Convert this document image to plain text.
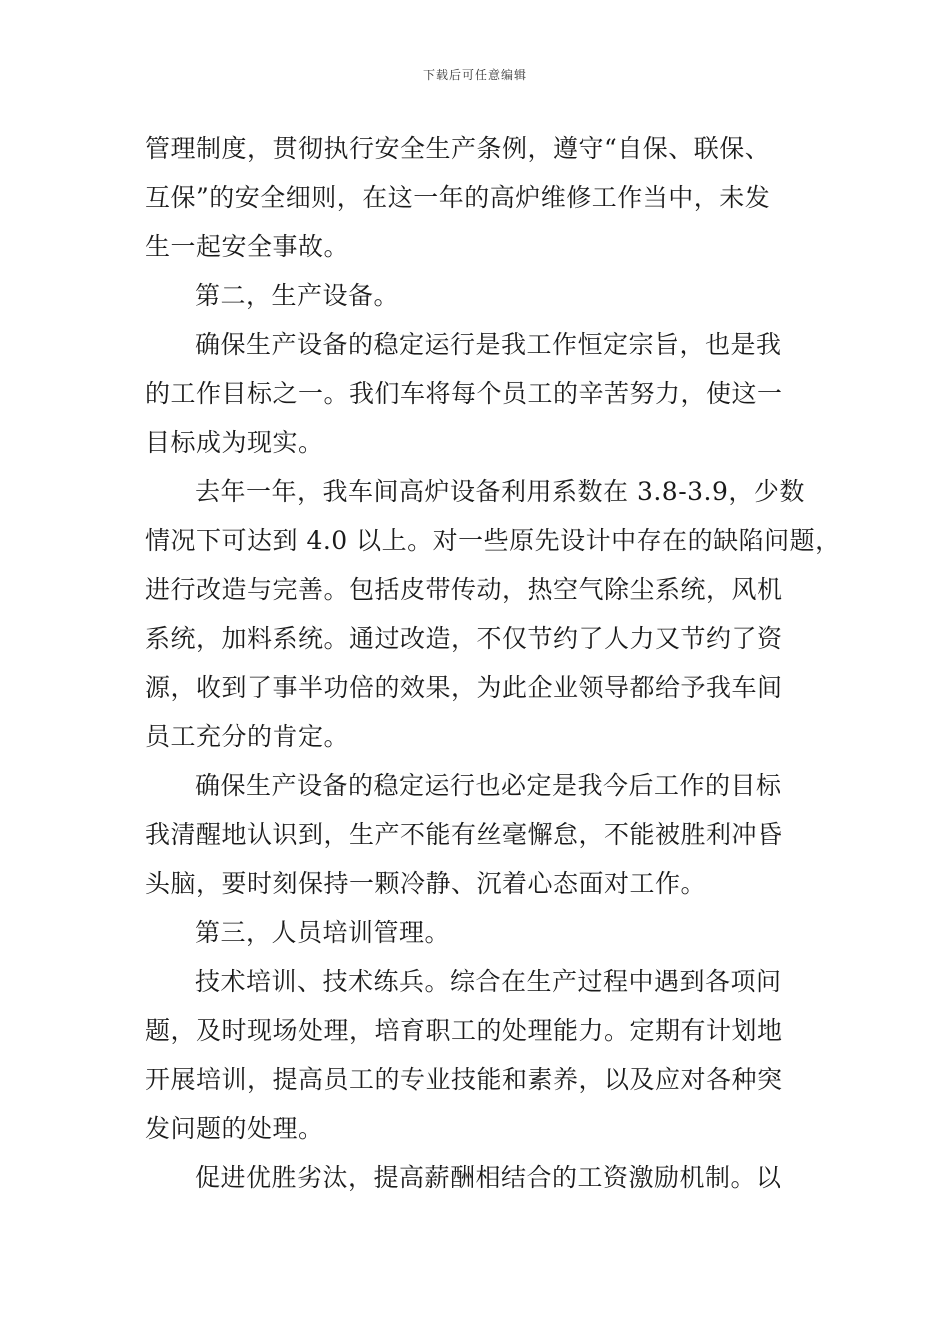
下载后可任意编辑
管理制度，贯彻执行安全生产条例，遵守“自保、联保、
互保”的安全细则，在这一年的高炉维修工作当中，未发
生一起安全事故。
第二，生产设备。
确保生产设备的稳定运行是我工作恒定宗旨，也是我
的工作目标之一。我们车将每个员工的辛苦努力，使这一
目标成为现实。
去年一年，我车间高炉设备利用系数在 3.8-3.9，少数
情况下可达到 4.0 以上。对一些原先设计中存在的缺陷问题，
进行改造与完善。包括皮带传动，热空气除尘系统，风机
系统，加料系统。通过改造，不仅节约了人力又节约了资
源，收到了事半功倍的效果，为此企业领导都给予我车间
员工充分的肯定。
确保生产设备的稳定运行也必定是我今后工作的目标
我清醒地认识到，生产不能有丝毫懈怠，不能被胜利冲昏
头脑，要时刻保持一颗冷静、沉着心态面对工作。
第三，人员培训管理。
技术培训、技术练兵。综合在生产过程中遇到各项问
题，及时现场处理，培育职工的处理能力。定期有计划地
开展培训，提高员工的专业技能和素养，以及应对各种突
发问题的处理。
促进优胜劣汰，提高薪酬相结合的工资激励机制。以
